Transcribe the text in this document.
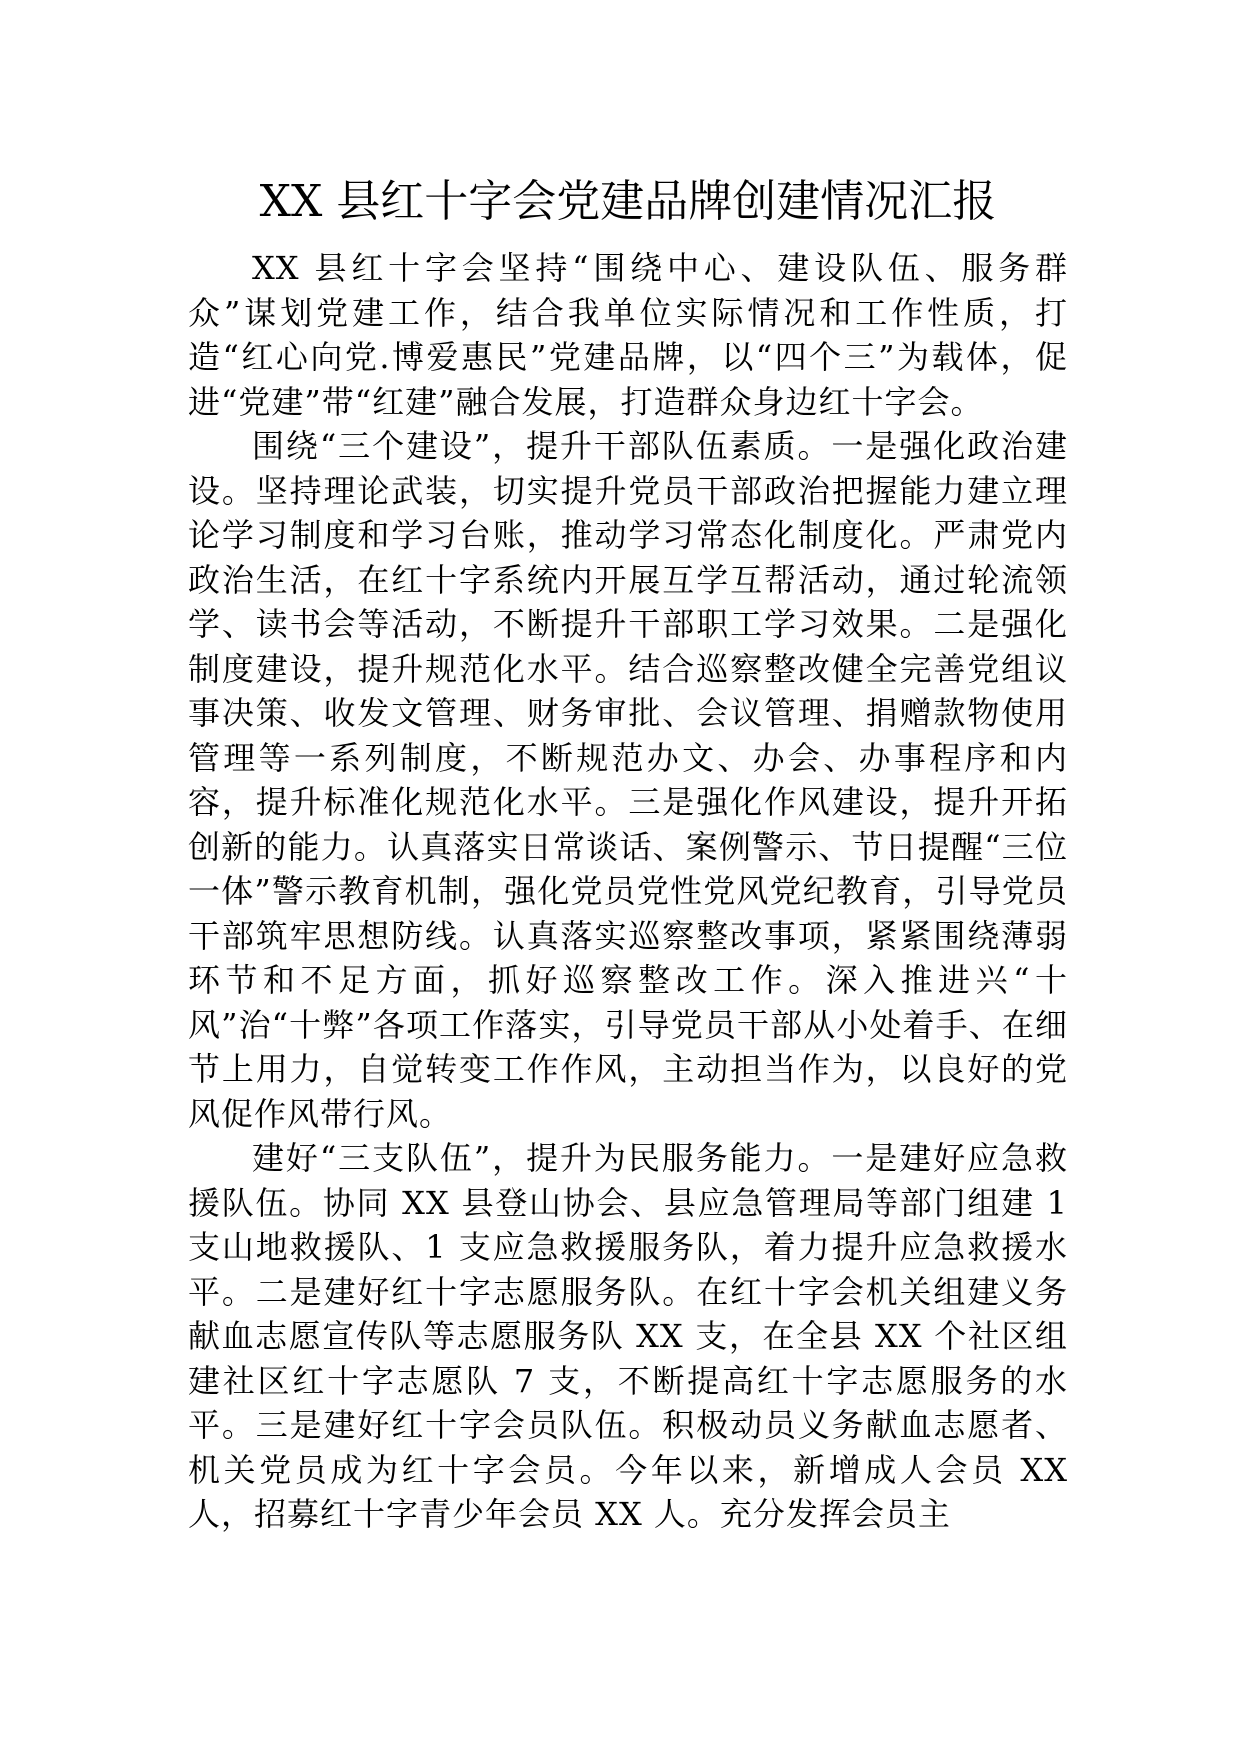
XX 县红十字会党建品牌创建情况汇报

XX 县红十字会坚持“围绕中心、建设队伍、服务群众”谋划党建工作，结合我单位实际情况和工作性质，打造“红心向党.博爱惠民”党建品牌，以“四个三”为载体，促进“党建”带“红建”融合发展，打造群众身边红十字会。

围绕“三个建设”，提升干部队伍素质。一是强化政治建设。坚持理论武装，切实提升党员干部政治把握能力建立理论学习制度和学习台账，推动学习常态化制度化。严肃党内政治生活，在红十字系统内开展互学互帮活动，通过轮流领学、读书会等活动，不断提升干部职工学习效果。二是强化制度建设，提升规范化水平。结合巡察整改健全完善党组议事决策、收发文管理、财务审批、会议管理、捐赠款物使用管理等一系列制度，不断规范办文、办会、办事程序和内容，提升标准化规范化水平。三是强化作风建设，提升开拓创新的能力。认真落实日常谈话、案例警示、节日提醒“三位一体”警示教育机制，强化党员党性党风党纪教育，引导党员干部筑牢思想防线。认真落实巡察整改事项，紧紧围绕薄弱环节和不足方面，抓好巡察整改工作。深入推进兴“十风”治“十弊”各项工作落实，引导党员干部从小处着手、在细节上用力，自觉转变工作作风，主动担当作为，以良好的党风促作风带行风。

建好“三支队伍”，提升为民服务能力。一是建好应急救援队伍。协同 XX 县登山协会、县应急管理局等部门组建 1 支山地救援队、1 支应急救援服务队，着力提升应急救援水平。二是建好红十字志愿服务队。在红十字会机关组建义务献血志愿宣传队等志愿服务队 XX 支，在全县 XX 个社区组建社区红十字志愿队 7 支，不断提高红十字志愿服务的水平。三是建好红十字会员队伍。积极动员义务献血志愿者、机关党员成为红十字会员。今年以来，新增成人会员 XX 人，招募红十字青少年会员 XX 人。充分发挥会员主
